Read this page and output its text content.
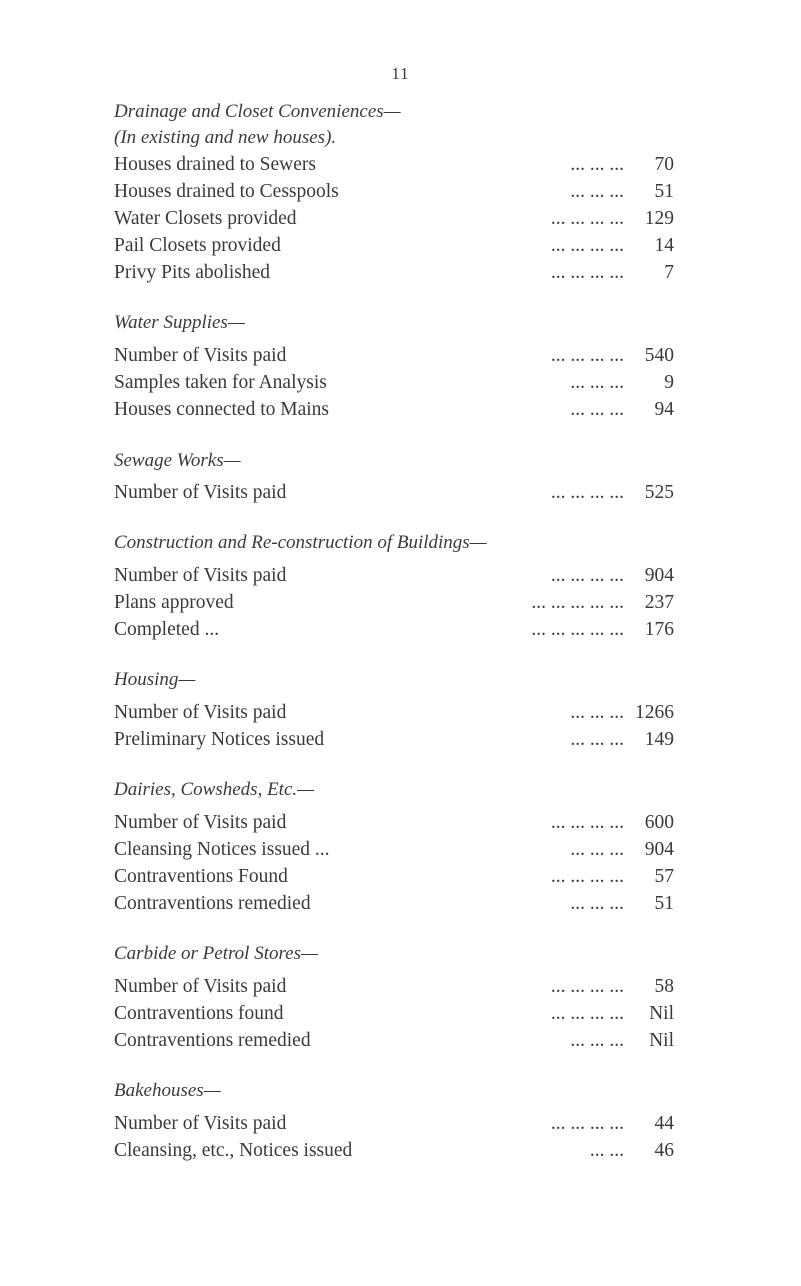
11
Drainage and Closet Conveniences—
(In existing and new houses).
Houses drained to Sewers	... ... ... 70
Houses drained to Cesspools	... ... ... 51
Water Closets provided	... ... ... ... 129
Pail Closets provided	... ... ... ... 14
Privy Pits abolished	... ... ... ... 7
Water Supplies—
Number of Visits paid	... ... ... ... 540
Samples taken for Analysis	... ... ... 9
Houses connected to Mains	... ... ... 94
Sewage Works—
Number of Visits paid	... ... ... ... 525
Construction and Re-construction of Buildings—
Number of Visits paid	... ... ... ... 904
Plans approved	... ... ... ... ... 237
Completed ...	... ... ... ... ... 176
Housing—
Number of Visits paid	... ... ... 1266
Preliminary Notices issued	... ... ... 149
Dairies, Cowsheds, Etc.—
Number of Visits paid	... ... ... ... 600
Cleansing Notices issued ...	... ... ... 904
Contraventions Found	... ... ... ... 57
Contraventions remedied	... ... ... 51
Carbide or Petrol Stores—
Number of Visits paid	... ... ... ... 58
Contraventions found	... ... ... ... Nil
Contraventions remedied	... ... ... Nil
Bakehouses—
Number of Visits paid	... ... ... ... 44
Cleansing, etc., Notices issued	... ... 46
